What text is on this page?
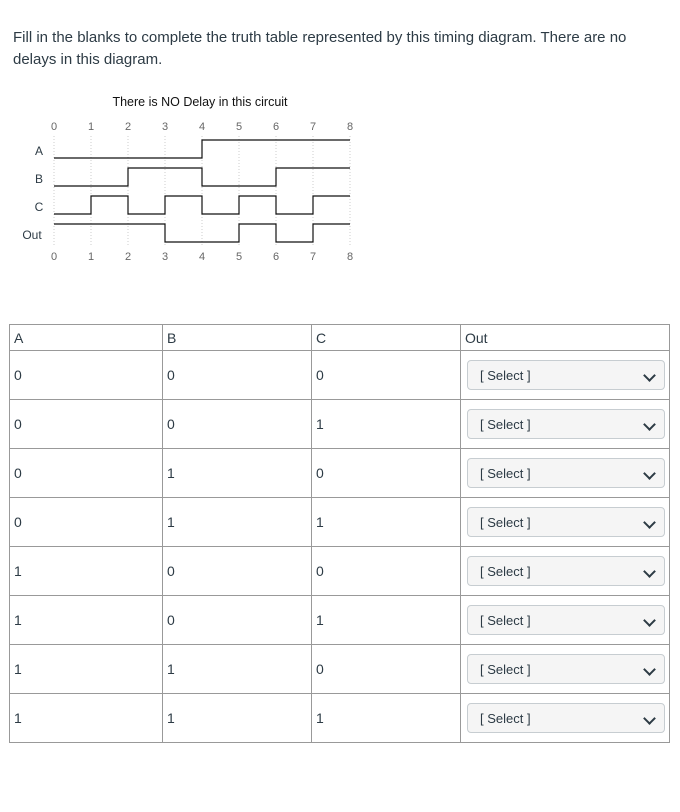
Fill in the blanks to complete the truth table represented by this timing diagram. There are no delays in this diagram.

There is NO Delay in this circuit
0	1	2	3	4	5	6	7	8
0	1	2	3	4	5	6	7	8
A
B
C
Out
A	B	C	Out
0	0	0	[ Select ]

0	0	1	[ Select ]

0	1	0	[ Select ]

0	1	1	[ Select ]

1	0	0	[ Select ]

1	0	1	[ Select ]

1	1	0	[ Select ]

1	1	1	[ Select ]
